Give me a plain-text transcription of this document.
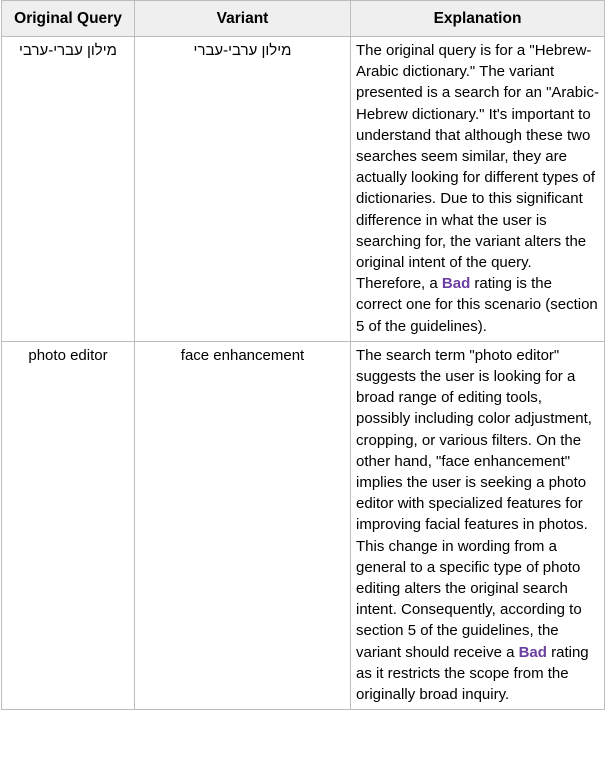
Original Query	Variant	Explanation
מילון עברי-ערבי	מילון ערבי-עברי	The original query is for a "Hebrew-Arabic dictionary." The variant presented is a search for an "Arabic-Hebrew dictionary." It's important to understand that although these two searches seem similar, they are actually looking for different types of dictionaries. Due to this significant difference in what the user is searching for, the variant alters the original intent of the query. Therefore, a Bad rating is the correct one for this scenario (section 5 of the guidelines).
photo editor	face enhancement	The search term "photo editor" suggests the user is looking for a broad range of editing tools, possibly including color adjustment, cropping, or various filters. On the other hand, "face enhancement" implies the user is seeking a photo editor with specialized features for improving facial features in photos. This change in wording from a general to a specific type of photo editing alters the original search intent. Consequently, according to section 5 of the guidelines, the variant should receive a Bad rating as it restricts the scope from the originally broad inquiry.
